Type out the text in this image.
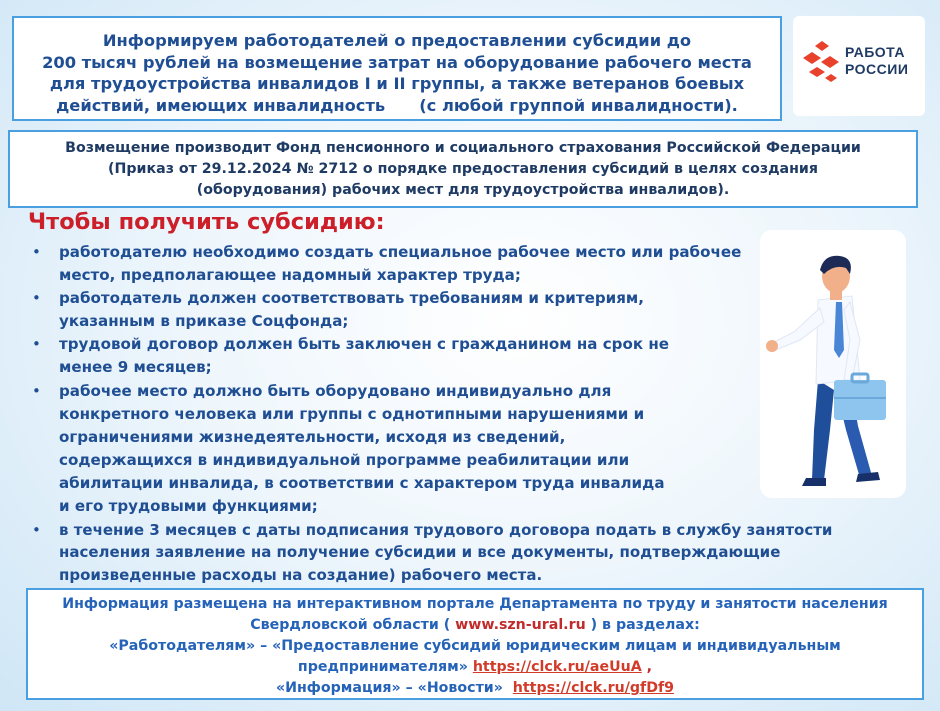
Информируем работодателей о предоставлении субсидии до
200 тысяч рублей на возмещение затрат на оборудование рабочего места
для трудоустройства инвалидов I и II группы, а также ветеранов боевых
действий, имеющих инвалидность      (с любой группой инвалидности).
РАБОТА
РОССИИ
Возмещение производит Фонд пенсионного и социального страхования Российской Федерации
(Приказ от 29.12.2024 № 2712 о порядке предоставления субсидий в целях создания
(оборудования) рабочих мест для трудоустройства инвалидов).
Чтобы получить субсидию:
• работодателю необходимо создать специальное рабочее место или рабочее
место, предполагающее надомный характер труда;
• работодатель должен соответствовать требованиям и критериям,
указанным в приказе Соцфонда;
• трудовой договор должен быть заключен с гражданином на срок не
менее 9 месяцев;
• рабочее место должно быть оборудовано индивидуально для
конкретного человека или группы с однотипными нарушениями и
ограничениями жизнедеятельности, исходя из сведений,
содержащихся в индивидуальной программе реабилитации или
абилитации инвалида, в соответствии с характером труда инвалида
и его трудовыми функциями;
• в течение 3 месяцев с даты подписания трудового договора подать в службу занятости
населения заявление на получение субсидии и все документы, подтверждающие
произведенные расходы на создание) рабочего места.
Информация размещена на интерактивном портале Департамента по труду и занятости населения
Свердловской области ( www.szn-ural.ru ) в разделах:
«Работодателям» – «Предоставление субсидий юридическим лицам и индивидуальным
предпринимателям» https://clck.ru/aeUuA ,
«Информация» – «Новости»  https://clck.ru/gfDf9
